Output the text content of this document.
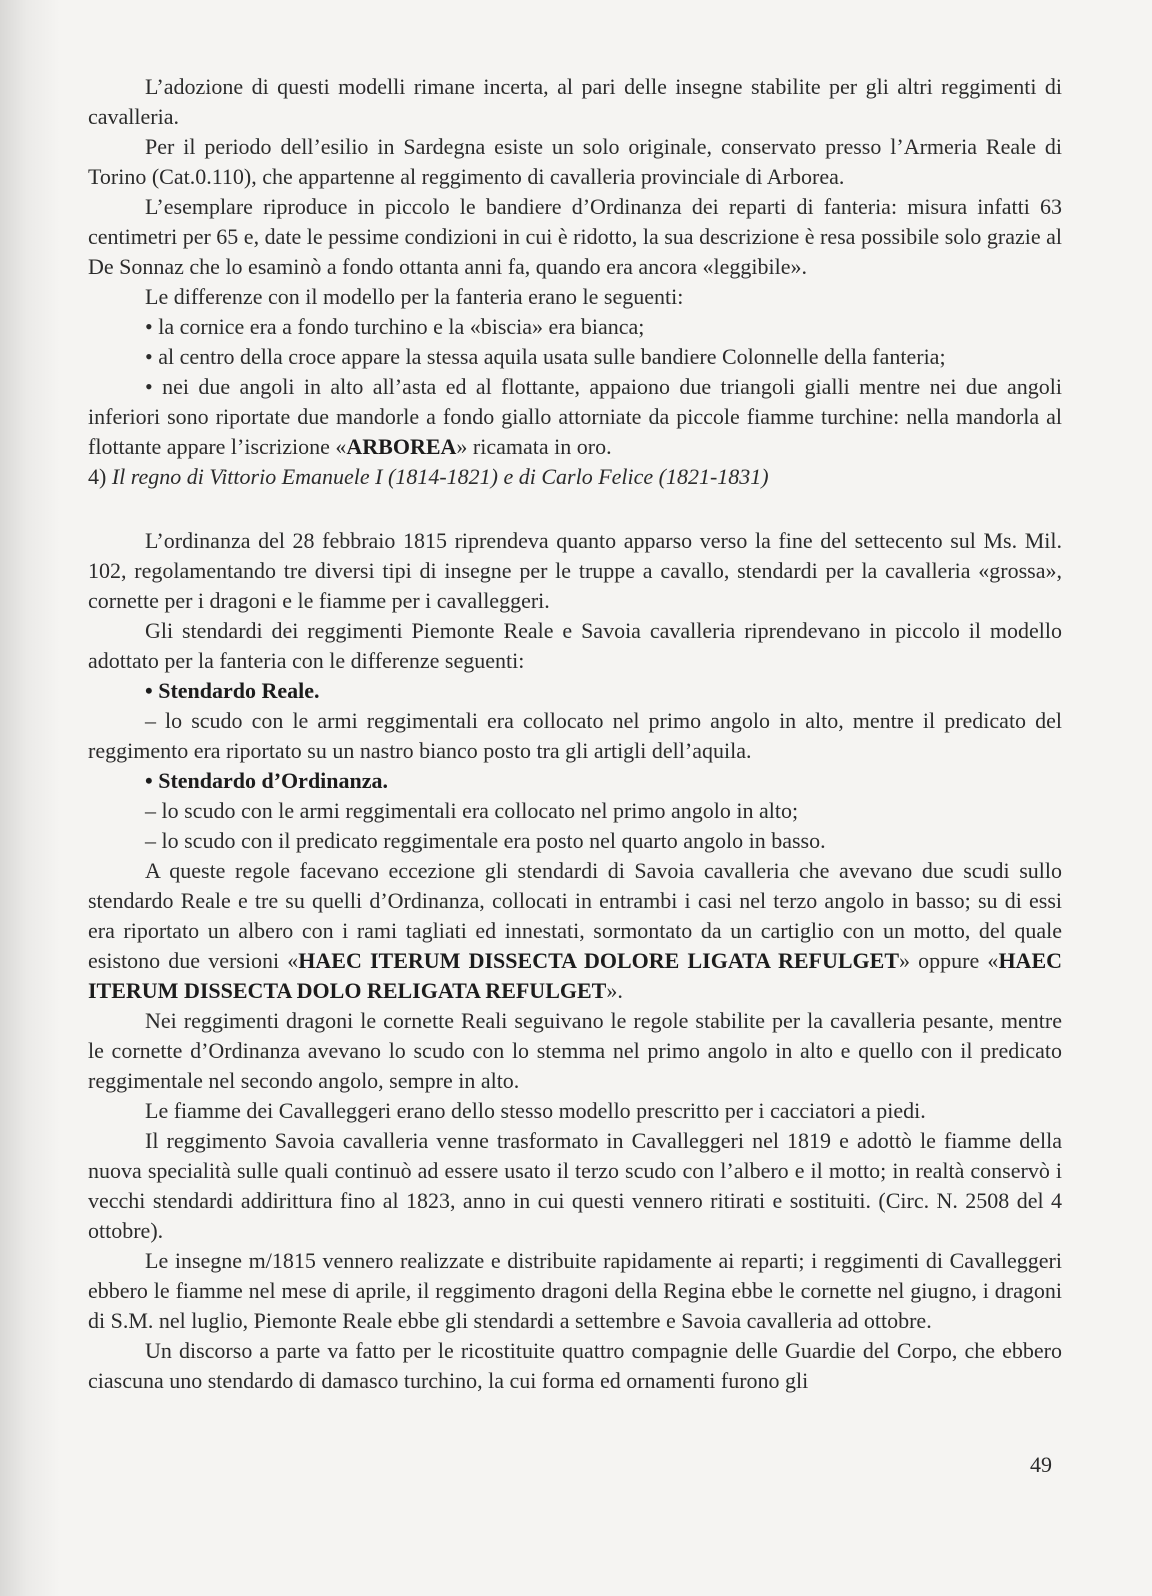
L’adozione di questi modelli rimane incerta, al pari delle insegne stabilite per gli altri reggimenti di cavalleria.

Per il periodo dell’esilio in Sardegna esiste un solo originale, conservato presso l’Armeria Reale di Torino (Cat.0.110), che appartenne al reggimento di cavalleria provinciale di Arborea.

L’esemplare riproduce in piccolo le bandiere d’Ordinanza dei reparti di fanteria: misura infatti 63 centimetri per 65 e, date le pessime condizioni in cui è ridotto, la sua descrizione è resa possibile solo grazie al De Sonnaz che lo esaminò a fondo ottanta anni fa, quando era ancora «leggibile».

Le differenze con il modello per la fanteria erano le seguenti:

• la cornice era a fondo turchino e la «biscia» era bianca;

• al centro della croce appare la stessa aquila usata sulle bandiere Colonnelle della fanteria;

• nei due angoli in alto all’asta ed al flottante, appaiono due triangoli gialli mentre nei due angoli inferiori sono riportate due mandorle a fondo giallo attorniate da piccole fiamme turchine: nella mandorla al flottante appare l’iscrizione «ARBOREA» ricamata in oro.

4) Il regno di Vittorio Emanuele I (1814-1821) e di Carlo Felice (1821-1831)

L’ordinanza del 28 febbraio 1815 riprendeva quanto apparso verso la fine del settecento sul Ms. Mil. 102, regolamentando tre diversi tipi di insegne per le truppe a cavallo, stendardi per la cavalleria «grossa», cornette per i dragoni e le fiamme per i cavalleggeri.

Gli stendardi dei reggimenti Piemonte Reale e Savoia cavalleria riprendevano in piccolo il modello adottato per la fanteria con le differenze seguenti:

• Stendardo Reale.

– lo scudo con le armi reggimentali era collocato nel primo angolo in alto, mentre il predicato del reggimento era riportato su un nastro bianco posto tra gli artigli dell’aquila.

• Stendardo d’Ordinanza.

– lo scudo con le armi reggimentali era collocato nel primo angolo in alto;

– lo scudo con il predicato reggimentale era posto nel quarto angolo in basso.

A queste regole facevano eccezione gli stendardi di Savoia cavalleria che avevano due scudi sullo stendardo Reale e tre su quelli d’Ordinanza, collocati in entrambi i casi nel terzo angolo in basso; su di essi era riportato un albero con i rami tagliati ed innestati, sormontato da un cartiglio con un motto, del quale esistono due versioni «HAEC ITERUM DISSECTA DOLORE LIGATA REFULGET» oppure «HAEC ITERUM DISSECTA DOLO RELIGATA REFULGET».

Nei reggimenti dragoni le cornette Reali seguivano le regole stabilite per la cavalleria pesante, mentre le cornette d’Ordinanza avevano lo scudo con lo stemma nel primo angolo in alto e quello con il predicato reggimentale nel secondo angolo, sempre in alto.

Le fiamme dei Cavalleggeri erano dello stesso modello prescritto per i cacciatori a piedi.

Il reggimento Savoia cavalleria venne trasformato in Cavalleggeri nel 1819 e adottò le fiamme della nuova specialità sulle quali continuò ad essere usato il terzo scudo con l’albero e il motto; in realtà conservò i vecchi stendardi addirittura fino al 1823, anno in cui questi vennero ritirati e sostituiti. (Circ. N. 2508 del 4 ottobre).

Le insegne m/1815 vennero realizzate e distribuite rapidamente ai reparti; i reggimenti di Cavalleggeri ebbero le fiamme nel mese di aprile, il reggimento dragoni della Regina ebbe le cornette nel giugno, i dragoni di S.M. nel luglio, Piemonte Reale ebbe gli stendardi a settembre e Savoia cavalleria ad ottobre.

Un discorso a parte va fatto per le ricostituite quattro compagnie delle Guardie del Corpo, che ebbero ciascuna uno stendardo di damasco turchino, la cui forma ed ornamenti furono gli

49
